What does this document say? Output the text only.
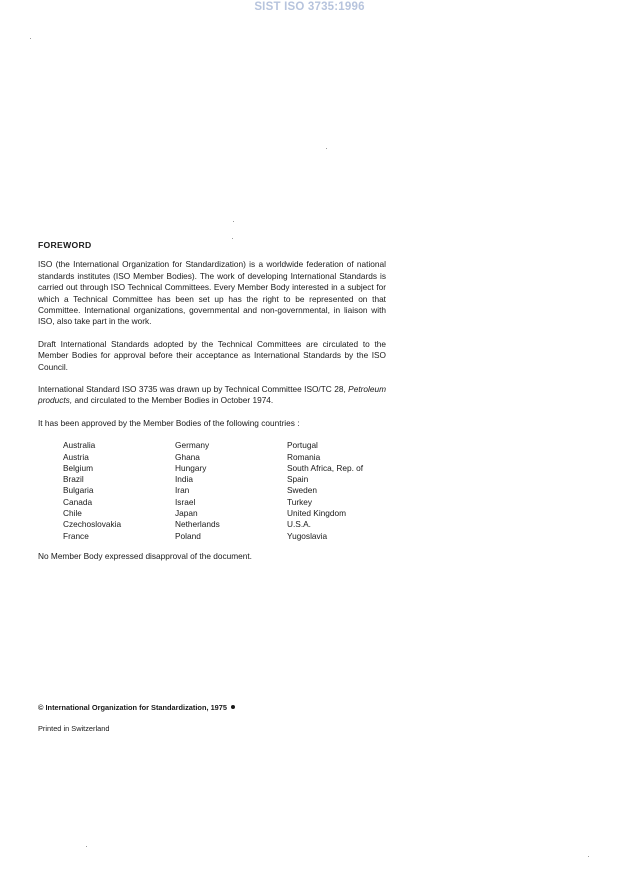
SIST ISO 3735:1996
FOREWORD

ISO (the International Organization for Standardization) is a worldwide federation of national standards institutes (ISO Member Bodies). The work of developing International Standards is carried out through ISO Technical Committees. Every Member Body interested in a subject for which a Technical Committee has been set up has the right to be represented on that Committee. International organizations, governmental and non-governmental, in liaison with ISO, also take part in the work.

Draft International Standards adopted by the Technical Committees are circulated to the Member Bodies for approval before their acceptance as International Standards by the ISO Council.

International Standard ISO 3735 was drawn up by Technical Committee ISO/TC 28, Petroleum products, and circulated to the Member Bodies in October 1974.

It has been approved by the Member Bodies of the following countries :

Australia
Austria
Belgium
Brazil
Bulgaria
Canada
Chile
Czechoslovakia
France
Germany
Ghana
Hungary
India
Iran
Israel
Japan
Netherlands
Poland
Portugal
Romania
South Africa, Rep. of
Spain
Sweden
Turkey
United Kingdom
U.S.A.
Yugoslavia

No Member Body expressed disapproval of the document.

© International Organization for Standardization, 1975
Printed in Switzerland
